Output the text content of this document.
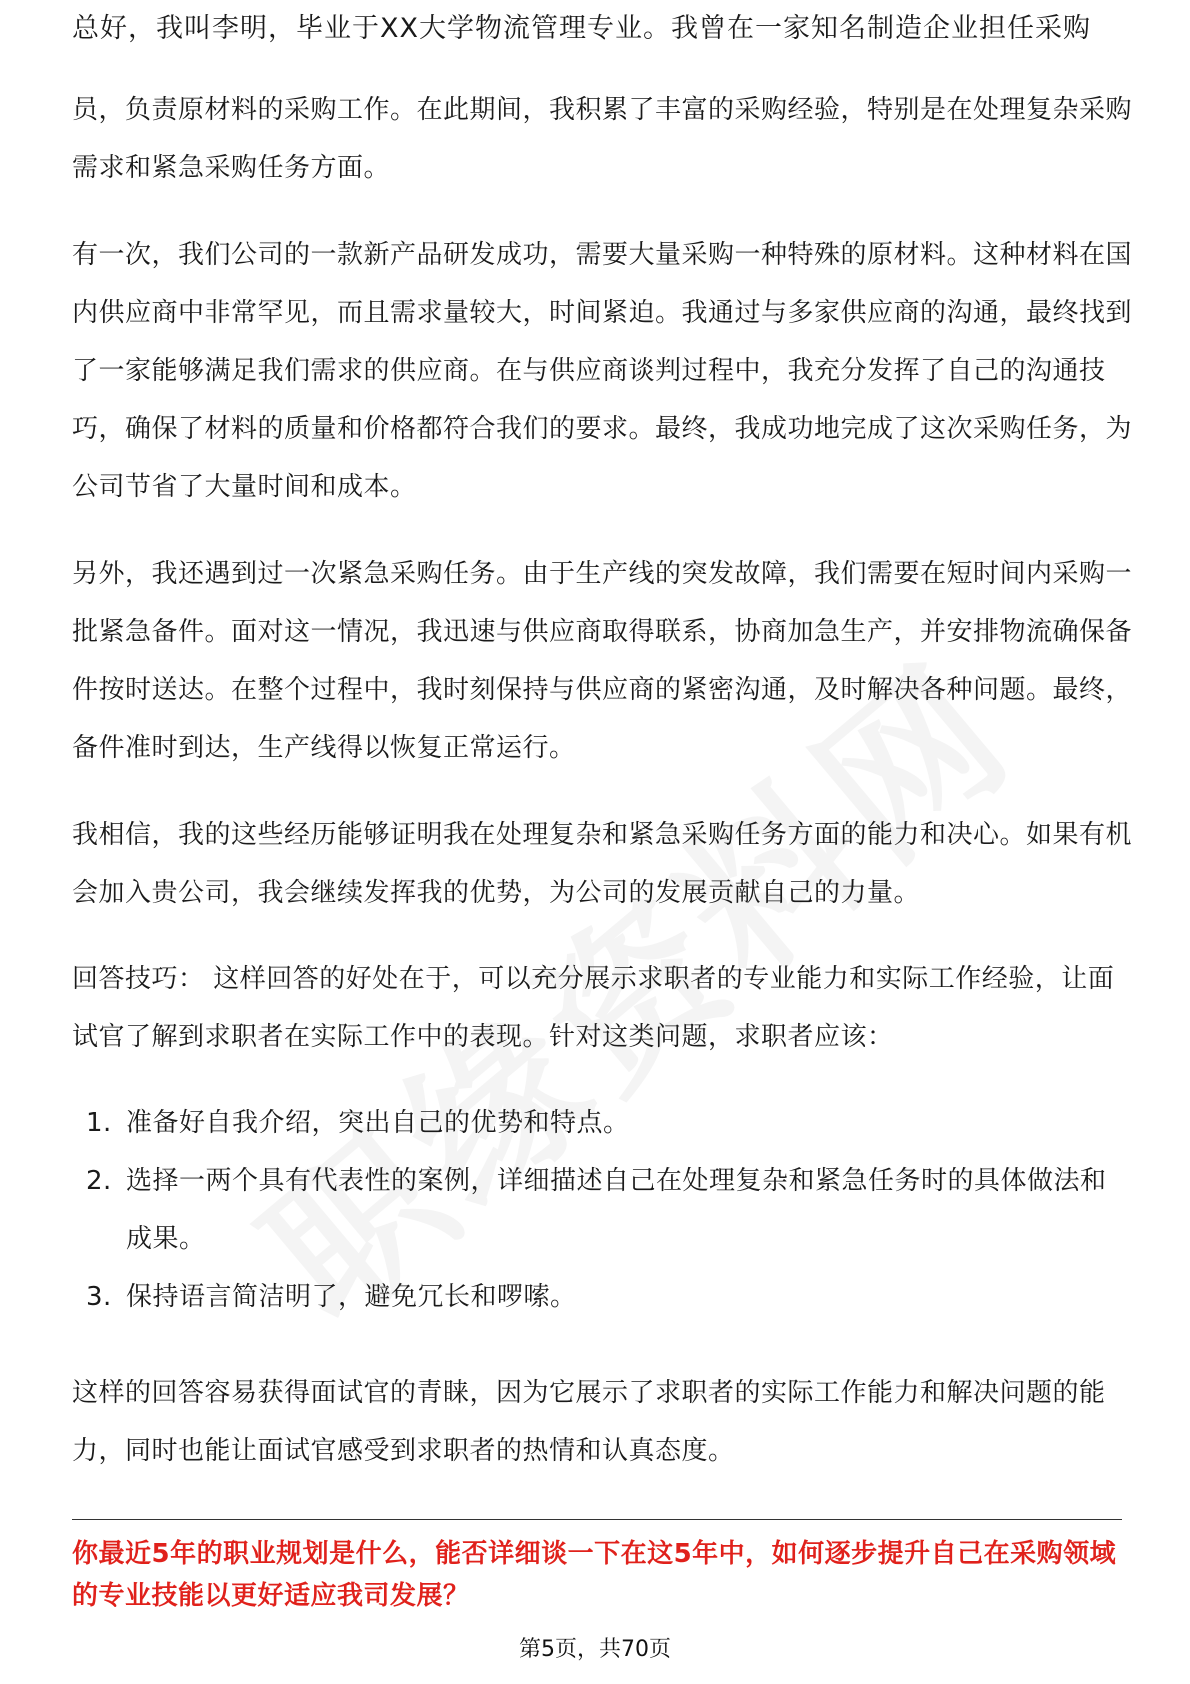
总好，我叫李明，毕业于XX大学物流管理专业。我曾在一家知名制造企业担任采购

员，负责原材料的采购工作。在此期间，我积累了丰富的采购经验，特别是在处理复杂采购需求和紧急采购任务方面。

有一次，我们公司的一款新产品研发成功，需要大量采购一种特殊的原材料。这种材料在国内供应商中非常罕见，而且需求量较大，时间紧迫。我通过与多家供应商的沟通，最终找到了一家能够满足我们需求的供应商。在与供应商谈判过程中，我充分发挥了自己的沟通技巧，确保了材料的质量和价格都符合我们的要求。最终，我成功地完成了这次采购任务，为公司节省了大量时间和成本。

另外，我还遇到过一次紧急采购任务。由于生产线的突发故障，我们需要在短时间内采购一批紧急备件。面对这一情况，我迅速与供应商取得联系，协商加急生产，并安排物流确保备件按时送达。在整个过程中，我时刻保持与供应商的紧密沟通，及时解决各种问题。最终，备件准时到达，生产线得以恢复正常运行。

我相信，我的这些经历能够证明我在处理复杂和紧急采购任务方面的能力和决心。如果有机会加入贵公司，我会继续发挥我的优势，为公司的发展贡献自己的力量。

回答技巧： 这样回答的好处在于，可以充分展示求职者的专业能力和实际工作经验，让面试官了解到求职者在实际工作中的表现。针对这类问题，求职者应该：

1. 准备好自我介绍，突出自己的优势和特点。
2. 选择一两个具有代表性的案例，详细描述自己在处理复杂和紧急任务时的具体做法和成果。
3. 保持语言简洁明了，避免冗长和啰嗦。

这样的回答容易获得面试官的青睐，因为它展示了求职者的实际工作能力和解决问题的能力，同时也能让面试官感受到求职者的热情和认真态度。

你最近5年的职业规划是什么，能否详细谈一下在这5年中，如何逐步提升自己在采购领域的专业技能以更好适应我司发展？
第5页，共70页
